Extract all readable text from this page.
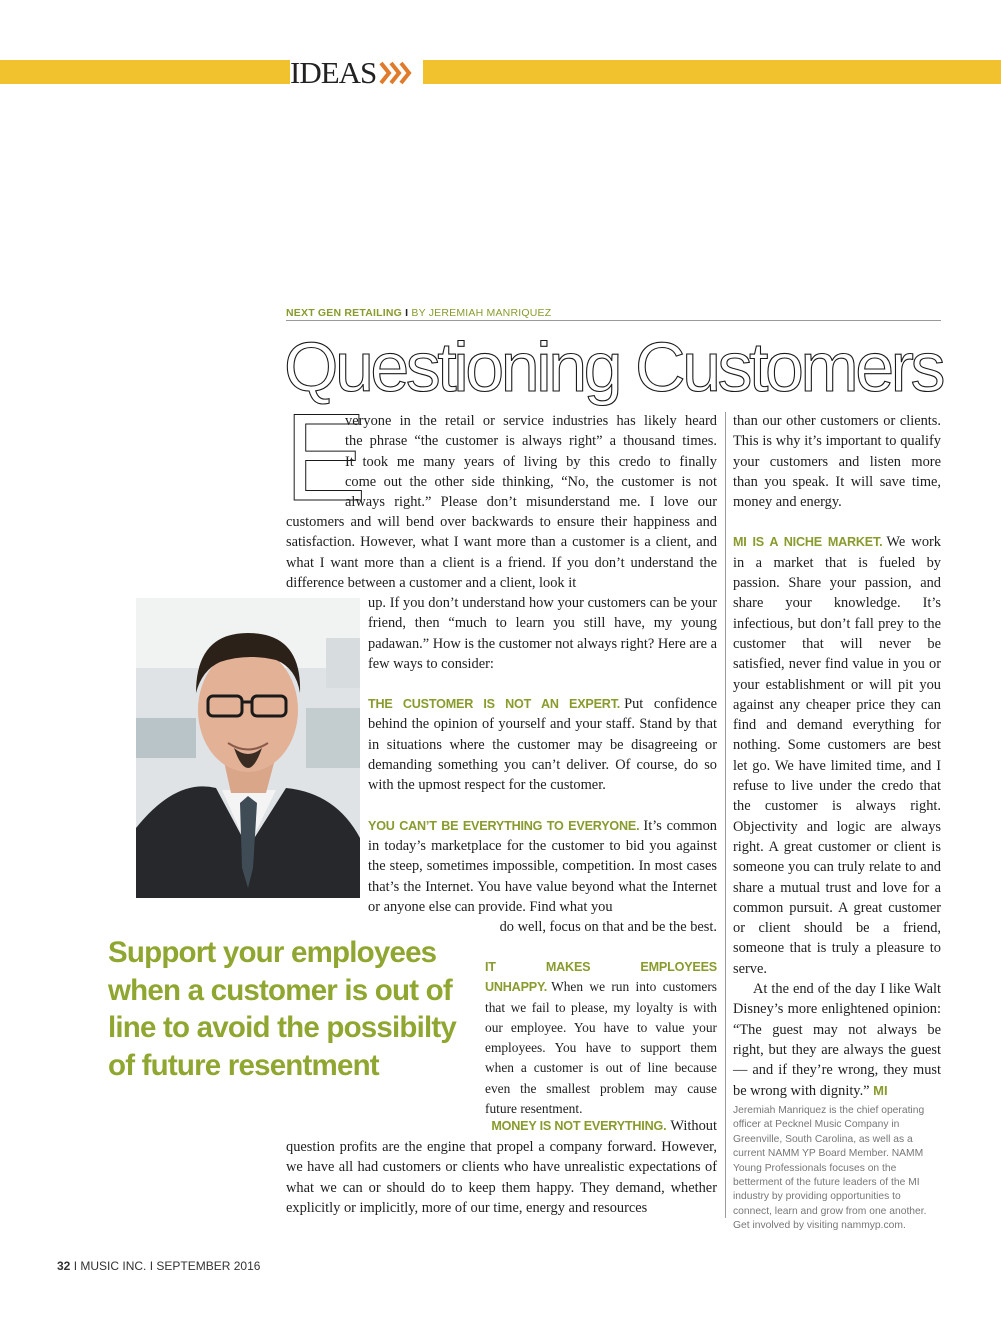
IDEAS
NEXT GEN RETAILING I BY JEREMIAH MANRIQUEZ
Questioning Customers
E
veryone in the retail or service industries has likely heard
the phrase “the customer is always right” a thousand times.
It took me many years of living by this credo to finally
come out the other side thinking, “No, the customer is not
always right.” Please don’t misunderstand me. I love our

customers and will bend over backwards to ensure their happiness and satisfaction. However, what I want more than a customer is a client, and what I want more than a client is a friend. If you don’t understand the difference between a customer and a client, look it

up. If you don’t understand how your customers can be your friend, then “much to learn you still have, my young padawan.” How is the customer not always right? Here are a few ways to consider:

THE CUSTOMER IS NOT AN EXPERT. Put confidence behind the opinion of yourself and your staff. Stand by that in situations where the customer may be disagreeing or demanding something you can’t deliver. Of course, do so with the upmost respect for the customer.

YOU CAN’T BE EVERYTHING TO EVERYONE. It’s common in today’s marketplace for the customer to bid you against the steep, sometimes impossible, competition. In most cases that’s the Internet. You have value beyond what the Internet or anyone else can provide. Find what you

do well, focus on that and be the best.

Support your employees when a customer is out of line to avoid the possibilty of future resentment

IT MAKES EMPLOYEES UNHAPPY. When we run into customers that we fail to please, my loyalty is with our employee. You have to value your employees. You have to support them when a customer is out of line because even the smallest problem may cause future resentment.

MONEY IS NOT EVERYTHING. Without

question profits are the engine that propel a company forward. However, we have all had customers or clients who have unrealistic expectations of what we can or should do to keep them happy. They demand, whether explicitly or implicitly, more of our time, energy and resources

than our other customers or clients. This is why it’s important to qualify your customers and listen more than you speak. It will save time, money and energy.

MI IS A NICHE MARKET. We work in a market that is fueled by passion. Share your passion, and share your knowledge. It’s infectious, but don’t fall prey to the customer that will never be satisfied, never find value in you or your establishment or will pit you against any cheaper price they can find and demand everything for nothing. Some customers are best let go. We have limited time, and I refuse to live under the credo that the customer is always right. Objectivity and logic are always right. A great customer or client is someone you can truly relate to and share a mutual trust and love for a common pursuit. A great customer or client should be a friend, someone that is truly a pleasure to serve.

At the end of the day I like Walt Disney’s more enlightened opinion: “The guest may not always be right, but they are always the guest — and if they’re wrong, they must be wrong with dignity.” MI

Jeremiah Manriquez is the chief operating officer at Pecknel Music Company in Greenville, South Carolina, as well as a current NAMM YP Board Member. NAMM Young Professionals focuses on the betterment of the future leaders of the MI industry by providing opportunities to connect, learn and grow from one another. Get involved by visiting nammyp.com.
32 I MUSIC INC. I SEPTEMBER 2016
